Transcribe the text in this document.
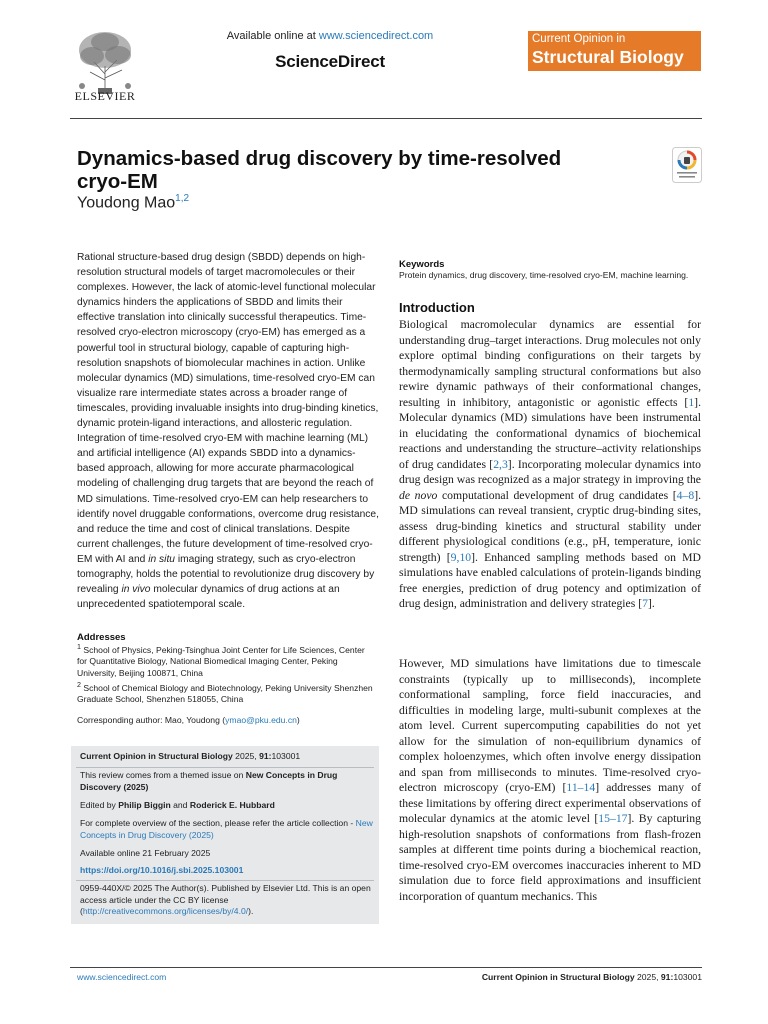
ELSEVIER
Available online at www.sciencedirect.com
ScienceDirect
Current Opinion in
Structural Biology
Dynamics-based drug discovery by time-resolved cryo-EM
Youdong Mao$^{1,2}$

Rational structure-based drug design (SBDD) depends on high-resolution structural models of target macromolecules or their complexes. However, the lack of atomic-level functional molecular dynamics hinders the applications of SBDD and limits their effective translation into clinically successful therapeutics. Time-resolved cryo-electron microscopy (cryo-EM) has emerged as a powerful tool in structural biology, capable of capturing high-resolution snapshots of biomolecular machines in action. Unlike molecular dynamics (MD) simulations, time-resolved cryo-EM can visualize rare intermediate states across a broader range of timescales, providing invaluable insights into drug-binding kinetics, dynamic protein-ligand interactions, and allosteric regulation. Integration of time-resolved cryo-EM with machine learning (ML) and artificial intelligence (AI) expands SBDD into a dynamics-based approach, allowing for more accurate pharmacological modeling of challenging drug targets that are beyond the reach of MD simulations. Time-resolved cryo-EM can help researchers to identify novel druggable conformations, overcome drug resistance, and reduce the time and cost of clinical translations. Despite current challenges, the future development of time-resolved cryo-EM with AI and in situ imaging strategy, such as cryo-electron tomography, holds the potential to revolutionize drug discovery by revealing in vivo molecular dynamics of drug actions at an unprecedented spatiotemporal scale.

Addresses

$^1$ School of Physics, Peking-Tsinghua Joint Center for Life Sciences, Center for Quantitative Biology, National Biomedical Imaging Center, Peking University, Beijing 100871, China

$^2$ School of Chemical Biology and Biotechnology, Peking University Shenzhen Graduate School, Shenzhen 518055, China

Corresponding author: Mao, Youdong (ymao@pku.edu.cn)
Current Opinion in Structural Biology 2025, 91:103001
This review comes from a themed issue on New Concepts in Drug Discovery (2025)
Edited by Philip Biggin and Roderick E. Hubbard
For complete overview of the section, please refer the article collection - New Concepts in Drug Discovery (2025)
Available online 21 February 2025
https://doi.org/10.1016/j.sbi.2025.103001
0959-440X/© 2025 The Author(s). Published by Elsevier Ltd. This is an open access article under the CC BY license (http://creativecommons.org/licenses/by/4.0/).
Keywords
Protein dynamics, drug discovery, time-resolved cryo-EM, machine learning.
Introduction

Biological macromolecular dynamics are essential for understanding drug–target interactions. Drug molecules not only explore optimal binding configurations on their targets by thermodynamically sampling structural conformations but also rewire dynamic pathways of their conformational changes, resulting in inhibitory, antagonistic or agonistic effects [1]. Molecular dynamics (MD) simulations have been instrumental in elucidating the conformational dynamics of biochemical reactions and understanding the structure–activity relationships of drug candidates [2,3]. Incorporating molecular dynamics into drug design was recognized as a major strategy in improving the de novo computational development of drug candidates [4–8]. MD simulations can reveal transient, cryptic drug-binding sites, assess drug-binding kinetics and structural stability under different physiological conditions (e.g., pH, temperature, ionic strength) [9,10]. Enhanced sampling methods based on MD simulations have enabled calculations of protein-ligands binding free energies, prediction of drug potency and optimization of drug design, administration and delivery strategies [7].

However, MD simulations have limitations due to timescale constraints (typically up to milliseconds), incomplete conformational sampling, force field inaccuracies, and difficulties in modeling large, multi-subunit complexes at the atom level. Current supercomputing capabilities do not yet allow for the simulation of non-equilibrium dynamics of complex holoenzymes, which often involve energy dissipation and span from milliseconds to minutes. Time-resolved cryo-electron microscopy (cryo-EM) [11–14] addresses many of these limitations by offering direct experimental observations of molecular dynamics at the atomic level [15–17]. By capturing high-resolution snapshots of conformations from flash-frozen samples at different time points during a biochemical reaction, time-resolved cryo-EM overcomes inaccuracies inherent to MD simulation due to force field approximations and insufficient incorporation of quantum mechanics. This

www.sciencedirect.com	Current Opinion in Structural Biology 2025, 91:103001
